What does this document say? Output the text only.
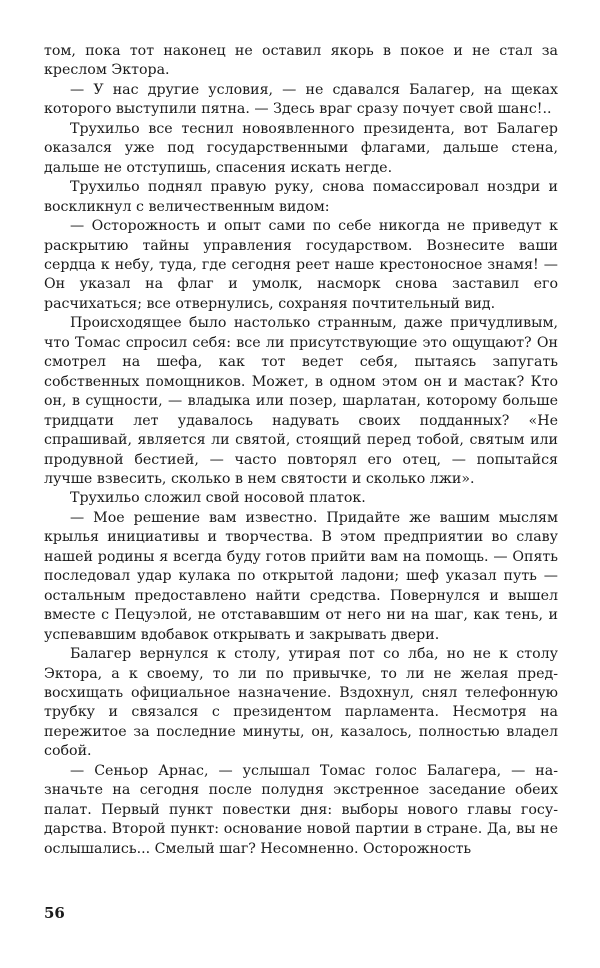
том, пока тот наконец не оставил якорь в покое и не стал за креслом Эктора.

— У нас другие условия, — не сдавался Балагер, на щеках которого выступили пятна. — Здесь враг сразу почует свой шанс!..

Трухильо все теснил новоявленного президента, вот Балагер оказался уже под государственными флагами, дальше стена, дальше не отступишь, спасения искать негде.

Трухильо поднял правую руку, снова помассировал ноздри и воскликнул с величественным видом:

— Осторожность и опыт сами по себе никогда не приведут к раскрытию тайны управления государством. Вознесите ваши сердца к небу, туда, где сегодня реет наше крестоносное знамя! — Он указал на флаг и умолк, насморк снова заставил его расчихаться; все отвернулись, сохраняя почтительный вид.

Происходящее было настолько странным, даже причудливым, что Томас спросил себя: все ли присутствующие это ощущают? Он смотрел на шефа, как тот ведет себя, пытаясь запугать собственных помощников. Может, в одном этом он и мастак? Кто он, в сущности, — владыка или позер, шарлатан, которому больше тридцати лет удавалось надувать своих подданных? «Не спрашивай, является ли святой, стоящий перед тобой, святым или продувной бестией, — часто повторял его отец, — попытайся лучше взвесить, сколько в нем святости и сколько лжи».

Трухильо сложил свой носовой платок.

— Мое решение вам известно. Придайте же вашим мыслям крылья инициативы и творчества. В этом предприятии во славу нашей родины я всегда буду готов прийти вам на помощь. — Опять последовал удар кулака по открытой ладони; шеф указал путь — остальным предоставлено найти средства. Повернулся и вышел вместе с Пецуэлой, не отстававшим от него ни на шаг, как тень, и успевавшим вдобавок открывать и закрывать двери.

Балагер вернулся к столу, утирая пот со лба, но не к столу Эктора, а к своему, то ли по привычке, то ли не желая предвосхищать официальное назначение. Вздохнул, снял телефонную трубку и связался с президентом парламента. Несмотря на пережитое за последние минуты, он, казалось, полностью владел собой.

— Сеньор Арнас, — услышал Томас голос Балагера, — назначьте на сегодня после полудня экстренное заседание обеих палат. Первый пункт повестки дня: выборы нового главы государства. Второй пункт: основание новой партии в стране. Да, вы не ослышались... Смелый шаг? Несомненно. Осторожность

56
